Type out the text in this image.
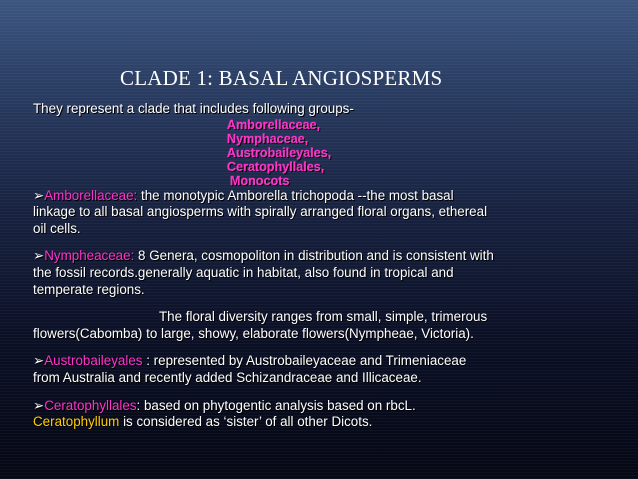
CLADE 1: BASAL ANGIOSPERMS
They represent a clade that includes following groups-
Amborellaceae,
Nymphaceae,
Austrobaileyales,
Ceratophyllales,
Monocots
➢Amborellaceae: the monotypic Amborella trichopoda --the most basal
linkage to all basal angiosperms with spirally arranged floral organs, ethereal
oil cells.
➢Nympheaceae: 8 Genera, cosmopoliton in distribution and is consistent with
the fossil records.generally aquatic in habitat, also found in tropical and
temperate regions.
The floral diversity ranges from small, simple, trimerous
flowers(Cabomba) to large, showy, elaborate flowers(Nympheae, Victoria).
➢Austrobaileyales : represented by Austrobaileyaceae and Trimeniaceae
from Australia and recently added Schizandraceae and Illicaceae.
➢Ceratophyllales: based on phytogentic analysis based on rbcL.
Ceratophyllum is considered as ‘sister’ of all other Dicots.
